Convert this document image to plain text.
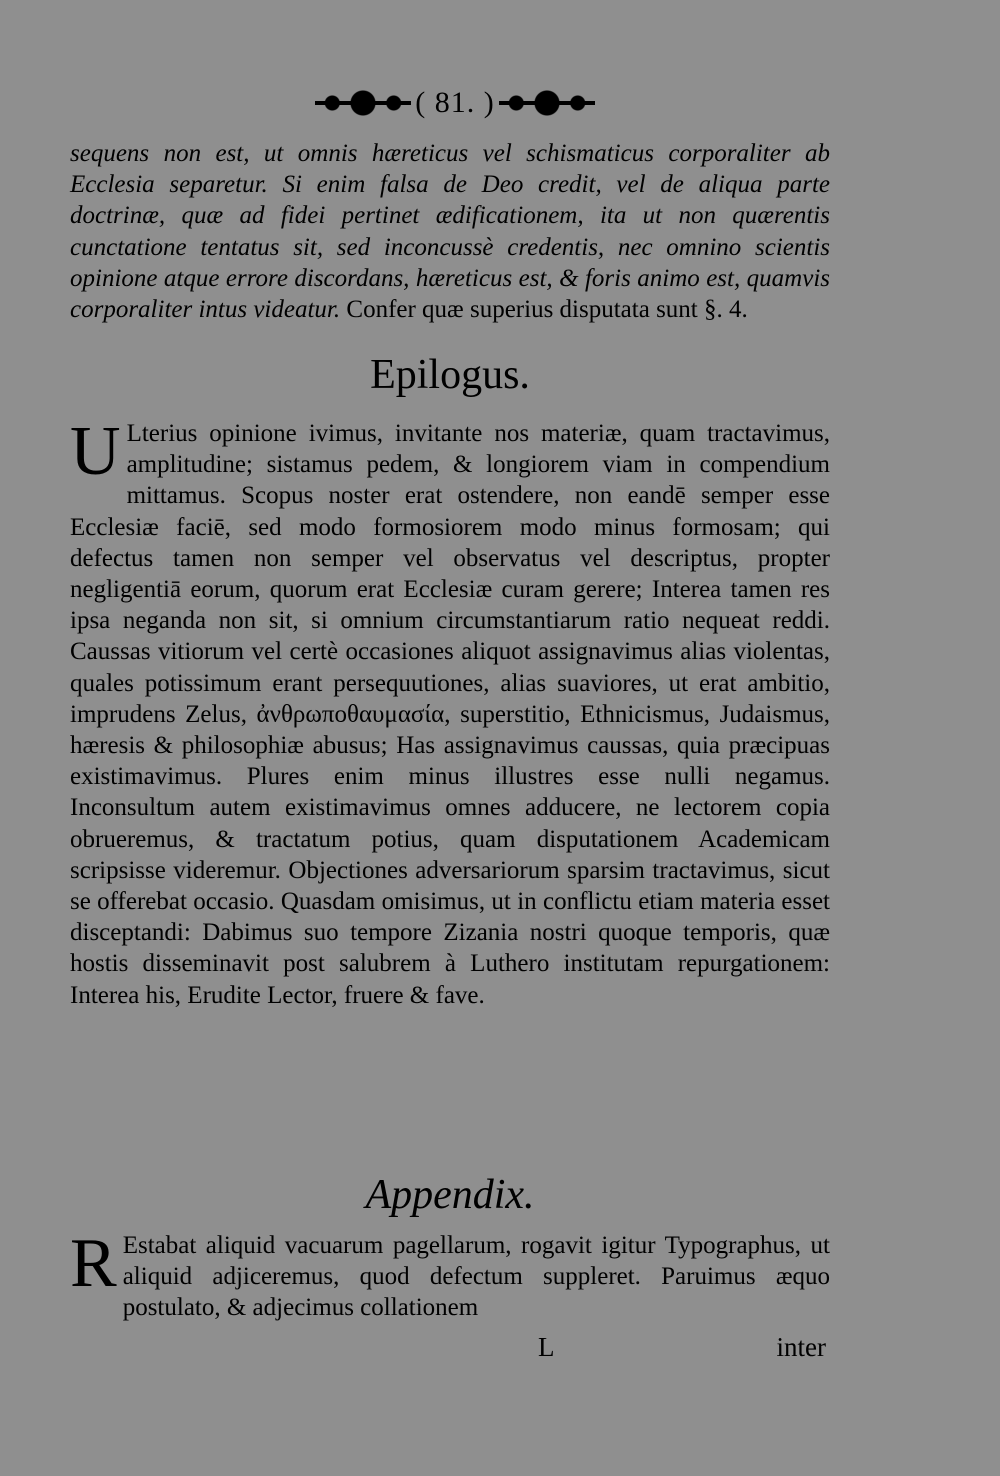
( 81. )

sequens non est, ut omnis hæreticus vel schismaticus corporaliter ab Ecclesia separetur. Si enim falsa de Deo credit, vel de aliqua parte doctrinæ, quæ ad fidei pertinet ædificationem, ita ut non quærentis cunctatione tentatus sit, sed inconcussè credentis, nec omnino scientis opinione atque errore discordans, hæreticus est, & foris animo est, quamvis corporaliter intus videatur. Confer quæ superius disputata sunt §. 4.

Epilogus.

U Lterius opinione ivimus, invitante nos materiæ, quam tractavimus, amplitudine; sistamus pedem, & longiorem viam in compendium mittamus. Scopus noster erat ostendere, non eandē semper esse Ecclesiæ faciē, sed modo formosiorem modo minus formosam; qui defectus tamen non semper vel observatus vel descriptus, propter negligentiā eorum, quorum erat Ecclesiæ curam gerere; Interea tamen res ipsa neganda non sit, si omnium circumstantiarum ratio nequeat reddi. Caussas vitiorum vel certè occasiones aliquot assignavimus alias violentas, quales potissimum erant persequutiones, alias suaviores, ut erat ambitio, imprudens Zelus, ἀνθρωποθαυμασία, superstitio, Ethnicismus, Judaismus, hæresis & philosophiæ abusus; Has assignavimus caussas, quia præcipuas existimavimus. Plures enim minus illustres esse nulli negamus. Inconsultum autem existimavimus omnes adducere, ne lectorem copia obrueremus, & tractatum potius, quam disputationem Academicam scripsisse videremur. Objectiones adversariorum sparsim tractavimus, sicut se offerebat occasio. Quasdam omisimus, ut in conflictu etiam materia esset disceptandi: Dabimus suo tempore Zizania nostri quoque temporis, quæ hostis disseminavit post salubrem à Luthero institutam repurgationem: Interea his, Erudite Lector, fruere & fave.

Appendix.

R Estabat aliquid vacuarum pagellarum, rogavit igitur Typographus, ut aliquid adjiceremus, quod defectum suppleret. Paruimus æquo postulato, & adjecimus collationem

L	inter
